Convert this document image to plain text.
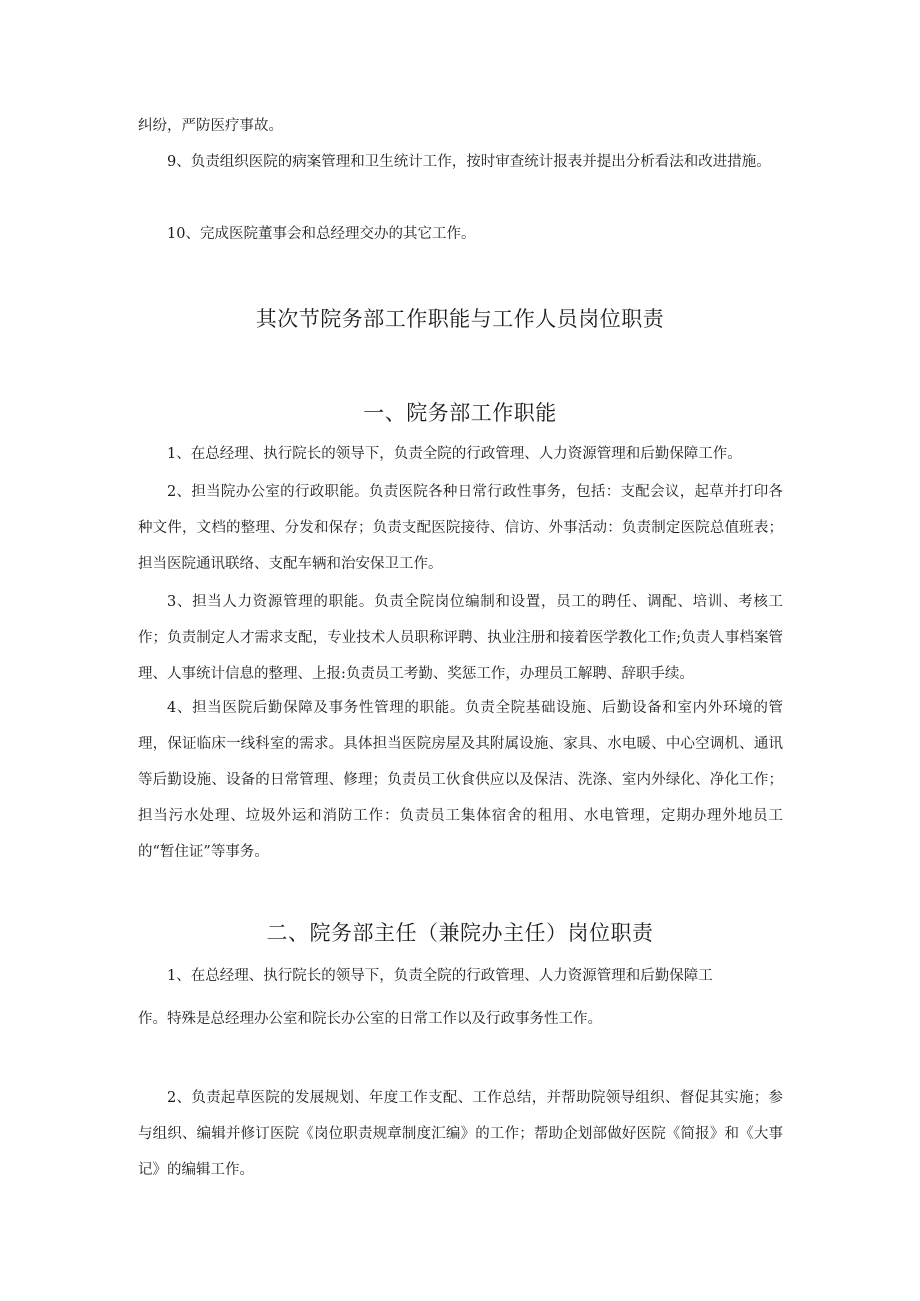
纠纷，严防医疗事故。

9、负责组织医院的病案管理和卫生统计工作，按时审查统计报表并提出分析看法和改进措施。

10、完成医院董事会和总经理交办的其它工作。

其次节院务部工作职能与工作人员岗位职责
一、院务部工作职能

1、在总经理、执行院长的领导下，负责全院的行政管理、人力资源管理和后勤保障工作。

2、担当院办公室的行政职能。负责医院各种日常行政性事务，包括：支配会议，起草并打印各种文件，文档的整理、分发和保存；负责支配医院接待、信访、外事活动：负责制定医院总值班表；担当医院通讯联络、支配车辆和治安保卫工作。

3、担当人力资源管理的职能。负责全院岗位编制和设置，员工的聘任、调配、培训、考核工作；负责制定人才需求支配，专业技术人员职称评聘、执业注册和接着医学教化工作;负责人事档案管理、人事统计信息的整理、上报:负责员工考勤、奖惩工作，办理员工解聘、辞职手续。

4、担当医院后勤保障及事务性管理的职能。负责全院基础设施、后勤设备和室内外环境的管理，保证临床一线科室的需求。具体担当医院房屋及其附属设施、家具、水电暖、中心空调机、通讯等后勤设施、设备的日常管理、修理；负责员工伙食供应以及保洁、洗涤、室内外绿化、净化工作；担当污水处理、垃圾外运和消防工作：负责员工集体宿舍的租用、水电管理，定期办理外地员工的“暂住证”等事务。

二、院务部主任（兼院办主任）岗位职责

1、在总经理、执行院长的领导下，负责全院的行政管理、人力资源管理和后勤保障工

作。特殊是总经理办公室和院长办公室的日常工作以及行政事务性工作。

2、负责起草医院的发展规划、年度工作支配、工作总结，并帮助院领导组织、督促其实施；参与组织、编辑并修订医院《岗位职责规章制度汇编》的工作；帮助企划部做好医院《简报》和《大事记》的编辑工作。
